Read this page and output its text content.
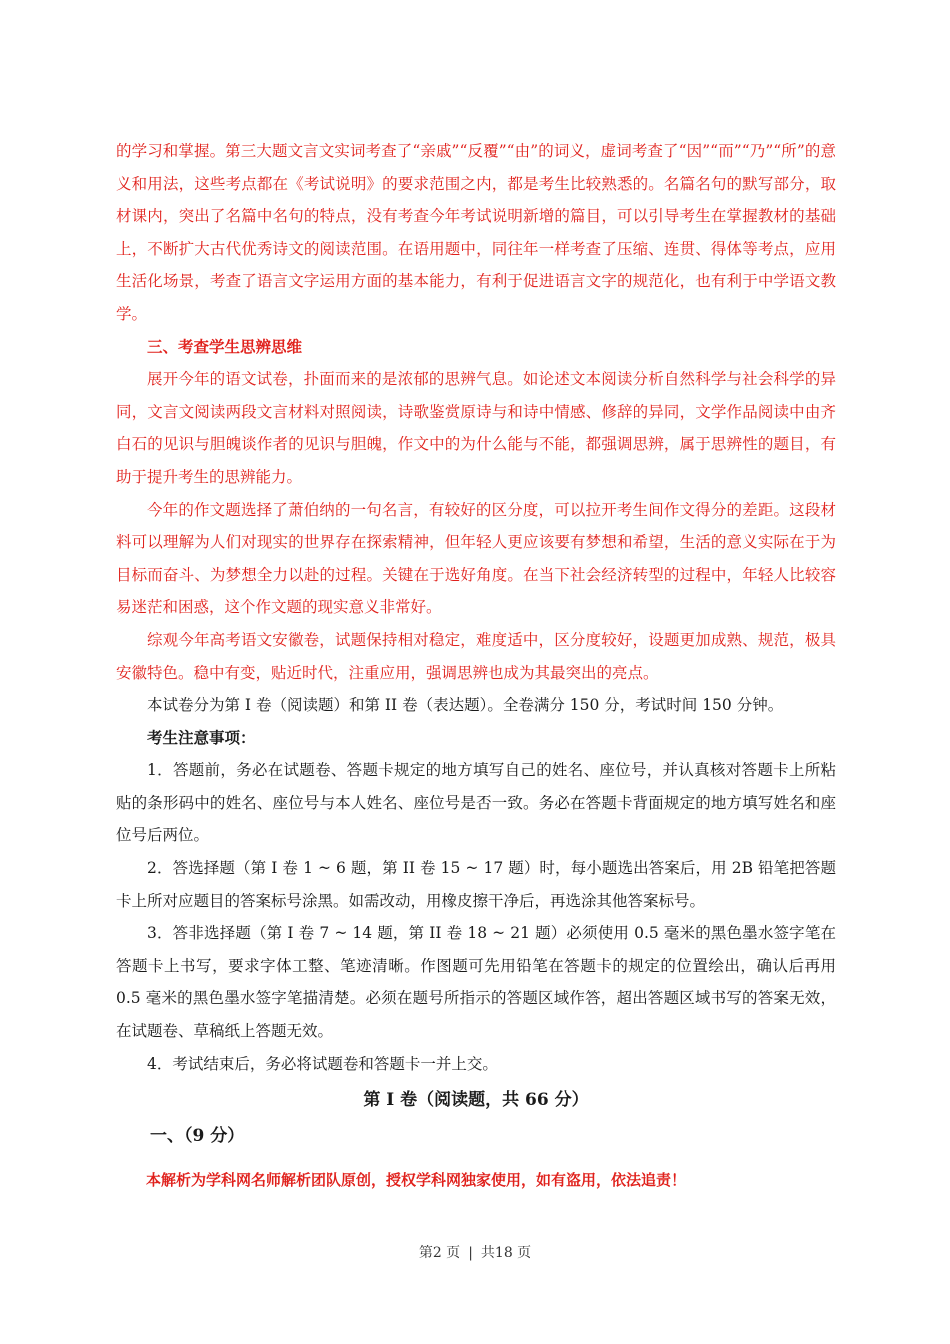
的学习和掌握。第三大题文言文实词考查了“亲戚”“反覆”“由”的词义，虚词考查了“因”“而”“乃”“所”的意义和用法，这些考点都在《考试说明》的要求范围之内，都是考生比较熟悉的。名篇名句的默写部分，取材课内，突出了名篇中名句的特点，没有考查今年考试说明新增的篇目，可以引导考生在掌握教材的基础上，不断扩大古代优秀诗文的阅读范围。在语用题中，同往年一样考查了压缩、连贯、得体等考点，应用生活化场景，考查了语言文字运用方面的基本能力，有利于促进语言文字的规范化，也有利于中学语文教学。

三、考查学生思辨思维

展开今年的语文试卷，扑面而来的是浓郁的思辨气息。如论述文本阅读分析自然科学与社会科学的异同，文言文阅读两段文言材料对照阅读，诗歌鉴赏原诗与和诗中情感、修辞的异同，文学作品阅读中由齐白石的见识与胆魄谈作者的见识与胆魄，作文中的为什么能与不能，都强调思辨，属于思辨性的题目，有助于提升考生的思辨能力。

今年的作文题选择了萧伯纳的一句名言，有较好的区分度，可以拉开考生间作文得分的差距。这段材料可以理解为人们对现实的世界存在探索精神，但年轻人更应该要有梦想和希望，生活的意义实际在于为目标而奋斗、为梦想全力以赴的过程。关键在于选好角度。在当下社会经济转型的过程中，年轻人比较容易迷茫和困惑，这个作文题的现实意义非常好。

综观今年高考语文安徽卷，试题保持相对稳定，难度适中，区分度较好，设题更加成熟、规范，极具安徽特色。稳中有变，贴近时代，注重应用，强调思辨也成为其最突出的亮点。

本试卷分为第 I 卷（阅读题）和第 II 卷（表达题）。全卷满分 150 分，考试时间 150 分钟。

考生注意事项：

1．答题前，务必在试题卷、答题卡规定的地方填写自己的姓名、座位号，并认真核对答题卡上所粘贴的条形码中的姓名、座位号与本人姓名、座位号是否一致。务必在答题卡背面规定的地方填写姓名和座位号后两位。

2．答选择题（第 I 卷 1 ~ 6 题，第 II 卷 15 ~ 17 题）时，每小题选出答案后，用 2B 铅笔把答题卡上所对应题目的答案标号涂黑。如需改动，用橡皮擦干净后，再选涂其他答案标号。

3．答非选择题（第 I 卷 7 ~ 14 题，第 II 卷 18 ~ 21 题）必须使用 0.5 毫米的黑色墨水签字笔在答题卡上书写，要求字体工整、笔迹清晰。作图题可先用铅笔在答题卡的规定的位置绘出，确认后再用 0.5 毫米的黑色墨水签字笔描清楚。必须在题号所指示的答题区域作答，超出答题区域书写的答案无效，在试题卷、草稿纸上答题无效。

4．考试结束后，务必将试题卷和答题卡一并上交。

第 I 卷（阅读题，共 66 分）
一、（9 分）
本解析为学科网名师解析团队原创，授权学科网独家使用，如有盗用，依法追责！
第2 页 | 共18 页
